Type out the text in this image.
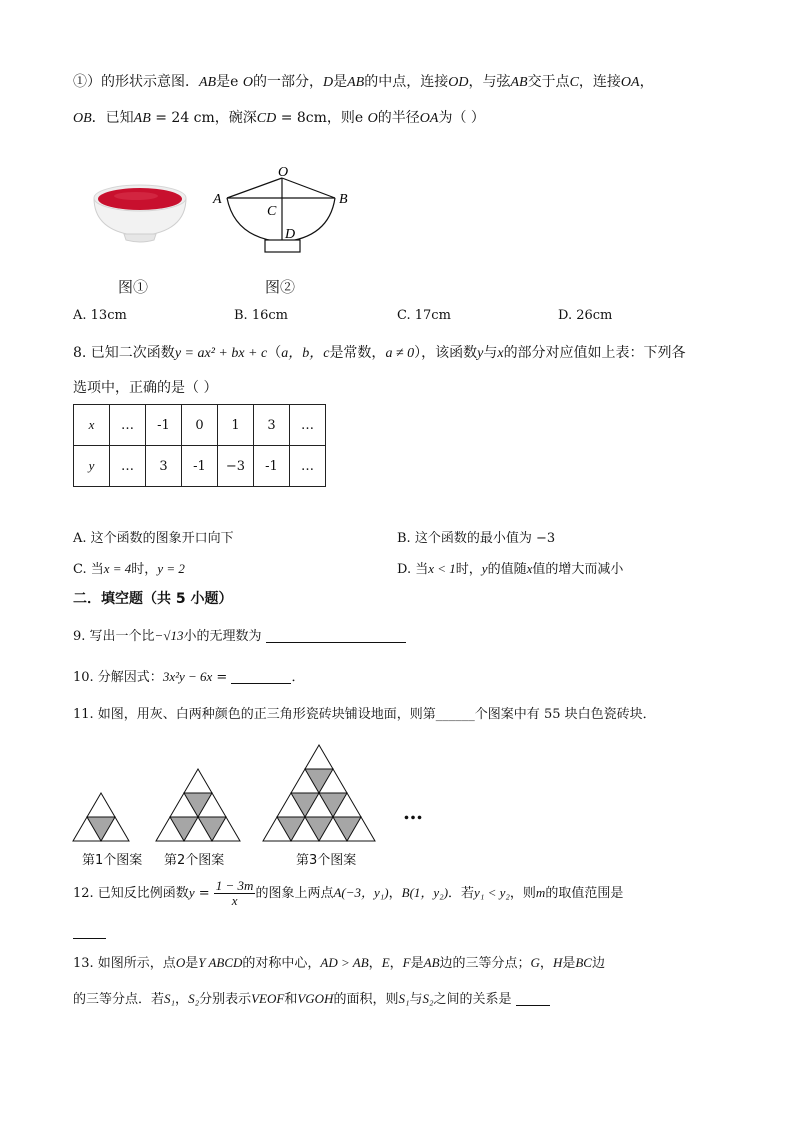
①）的形状示意图．AB是e O的一部分，D是AB的中点，连接OD，与弦AB交于点C，连接OA，
OB．已知AB = 24 cm，碗深CD = 8cm，则e O的半径OA为（ ）
图①
O
A	B
C
D
图②
A. 13cm	B. 16cm	C. 17cm	D. 26cm
8. 已知二次函数y = ax² + bx + c（a，b，c是常数，a ≠ 0），该函数y与x的部分对应值如上表：下列各
选项中，正确的是（ ）
x	…	-1	0	1	3	…
y	…	3	-1	−3	-1	…
A. 这个函数的图象开口向下	B. 这个函数的最小值为 −3
C. 当x = 4时，y = 2	D. 当x < 1时，y的值随x值的增大而减小
二．填空题（共 5 小题）
9. 写出一个比−√13小的无理数为
10. 分解因式：3x²y − 6x =	．
11. 如图，用灰、白两种颜色的正三角形瓷砖块铺设地面，则第______个图案中有 55 块白色瓷砖块．
…
第1个图案 第2个图案	第3个图案
12. 已知反比例函数$y = \frac{1 - 3m}{x}$ 的图象上两点A(−3，y₁)，B(1，y₂)．若y₁ < y₂，则m的取值范围是
13. 如图所示，点O是Y ABCD的对称中心，AD > AB，E，F是AB边的三等分点；G，H是BC边
的三等分点．若S₁，S₂分别表示VEOF和VGOH的面积，则S₁与S₂之间的关系是
